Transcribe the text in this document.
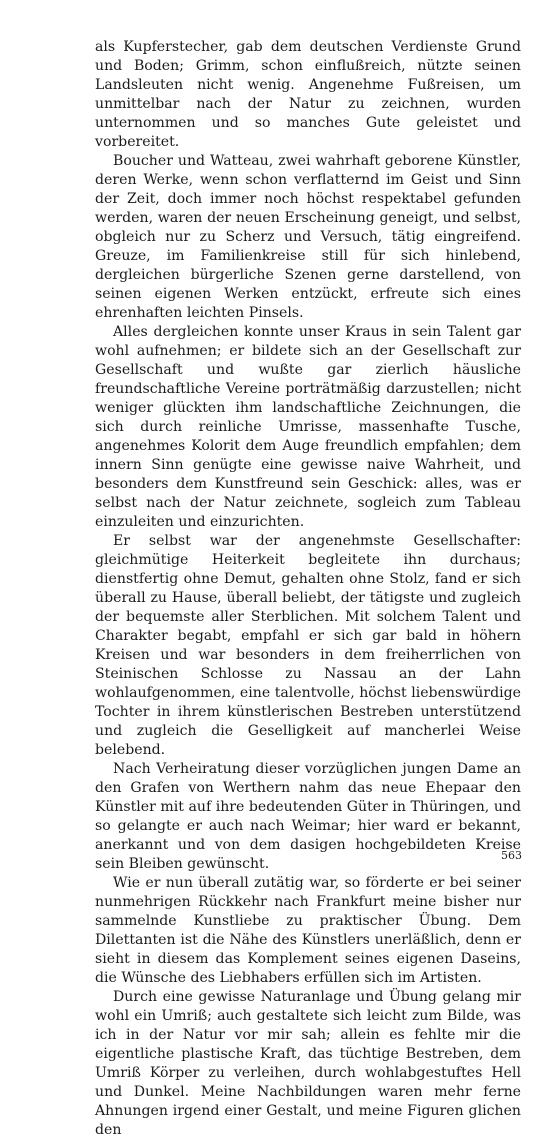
als Kupferstecher, gab dem deutschen Verdienste Grund und Boden; Grimm, schon einflußreich, nützte seinen Landsleuten nicht wenig. Angenehme Fußreisen, um unmittelbar nach der Natur zu zeichnen, wurden unternommen und so manches Gute geleistet und vorbereitet.

Boucher und Watteau, zwei wahrhaft geborene Künstler, deren Werke, wenn schon verflatternd im Geist und Sinn der Zeit, doch immer noch höchst respektabel gefunden werden, waren der neuen Erscheinung geneigt, und selbst, obgleich nur zu Scherz und Versuch, tätig eingreifend. Greuze, im Familienkreise still für sich hinlebend, dergleichen bürgerliche Szenen gerne darstellend, von seinen eigenen Werken entzückt, erfreute sich eines ehrenhaften leichten Pinsels.

Alles dergleichen konnte unser Kraus in sein Talent gar wohl aufnehmen; er bildete sich an der Gesellschaft zur Gesellschaft und wußte gar zierlich häusliche freundschaftliche Vereine porträtmäßig darzustellen; nicht weniger glückten ihm landschaftliche Zeichnungen, die sich durch reinliche Umrisse, massenhafte Tusche, angenehmes Kolorit dem Auge freundlich empfahlen; dem innern Sinn genügte eine gewisse naive Wahrheit, und besonders dem Kunstfreund sein Geschick: alles, was er selbst nach der Natur zeichnete, sogleich zum Tableau einzuleiten und einzurichten.

Er selbst war der angenehmste Gesellschafter: gleichmütige Heiterkeit begleitete ihn durchaus; dienstfertig ohne Demut, gehalten ohne Stolz, fand er sich überall zu Hause, überall beliebt, der tätigste und zugleich der bequemste aller Sterblichen. Mit solchem Talent und Charakter begabt, empfahl er sich gar bald in höhern Kreisen und war besonders in dem freiherrlichen von Steinischen Schlosse zu Nassau an der Lahn wohlaufgenommen, eine talentvolle, höchst liebenswürdige Tochter in ihrem künstlerischen Bestreben unterstützend und zugleich die Geselligkeit auf mancherlei Weise belebend.

Nach Verheiratung dieser vorzüglichen jungen Dame an den Grafen von Werthern nahm das neue Ehepaar den Künstler mit auf ihre bedeutenden Güter in Thüringen, und so gelangte er auch nach Weimar; hier ward er bekannt, anerkannt und von dem dasigen hochgebildeten Kreise sein Bleiben gewünscht.

Wie er nun überall zutätig war, so förderte er bei seiner nunmehrigen Rückkehr nach Frankfurt meine bisher nur sammelnde Kunstliebe zu praktischer Übung. Dem Dilettanten ist die Nähe des Künstlers unerläßlich, denn er sieht in diesem das Komplement seines eigenen Daseins, die Wünsche des Liebhabers erfüllen sich im Artisten.

Durch eine gewisse Naturanlage und Übung gelang mir wohl ein Umriß; auch gestaltete sich leicht zum Bilde, was ich in der Natur vor mir sah; allein es fehlte mir die eigentliche plastische Kraft, das tüchtige Bestreben, dem Umriß Körper zu verleihen, durch wohlabgestuftes Hell und Dunkel. Meine Nachbildungen waren mehr ferne Ahnungen irgend einer Gestalt, und meine Figuren glichen den

563
